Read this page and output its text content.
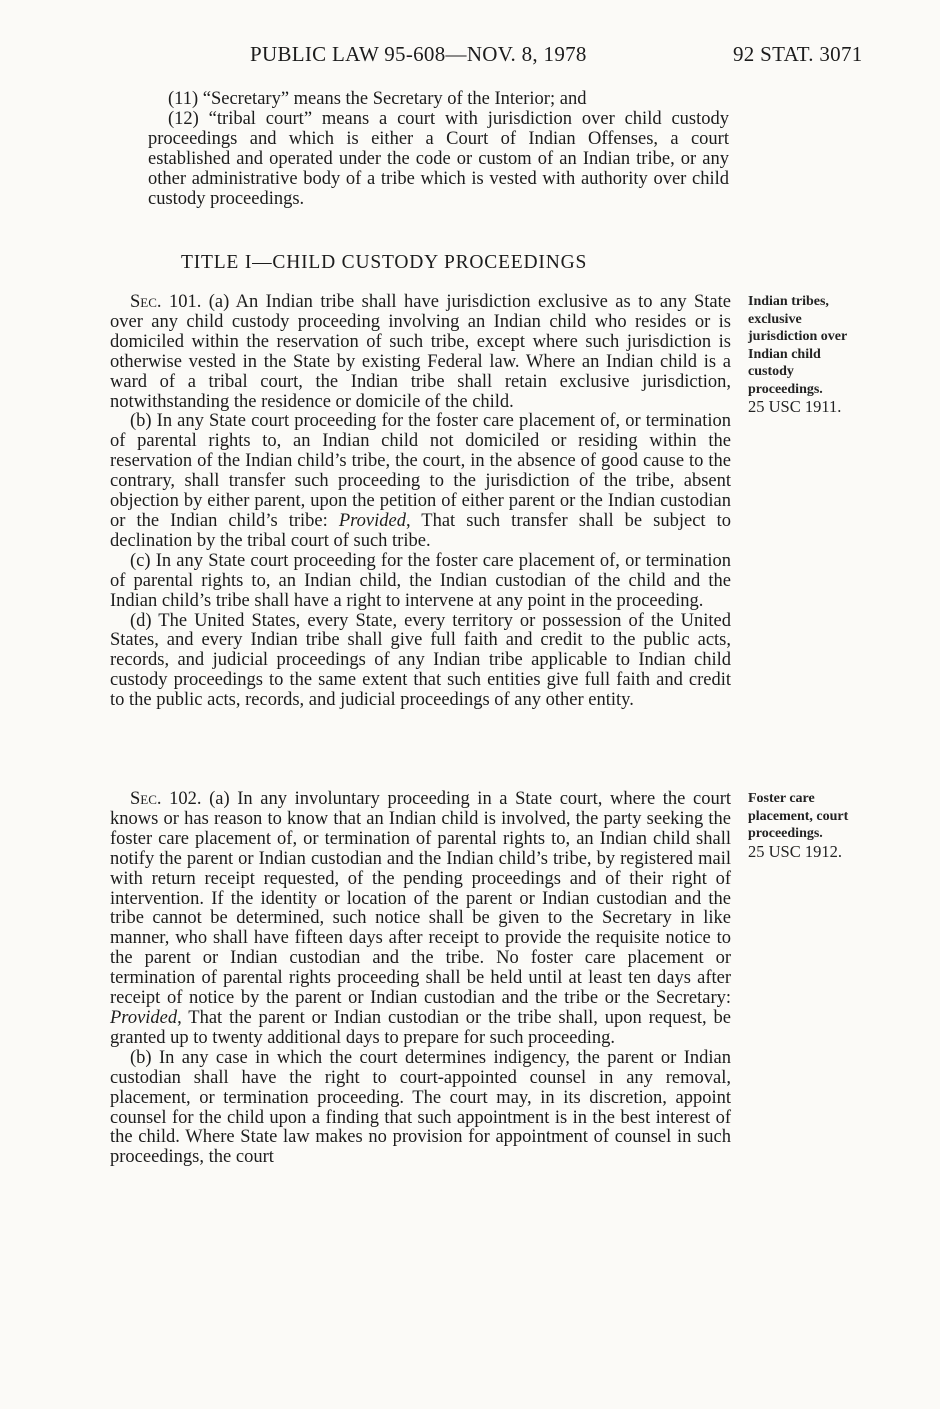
PUBLIC LAW 95-608—NOV. 8, 1978	92 STAT. 3071

(11) “Secretary” means the Secretary of the Interior; and

(12) “tribal court” means a court with jurisdiction over child custody proceedings and which is either a Court of Indian Offenses, a court established and operated under the code or custom of an Indian tribe, or any other administrative body of a tribe which is vested with authority over child custody proceedings.

TITLE I—CHILD CUSTODY PROCEEDINGS

Sec. 101. (a) An Indian tribe shall have jurisdiction exclusive as to any State over any child custody proceeding involving an Indian child who resides or is domiciled within the reservation of such tribe, except where such jurisdiction is otherwise vested in the State by existing Federal law. Where an Indian child is a ward of a tribal court, the Indian tribe shall retain exclusive jurisdiction, notwithstanding the residence or domicile of the child.

(b) In any State court proceeding for the foster care placement of, or termination of parental rights to, an Indian child not domiciled or residing within the reservation of the Indian child’s tribe, the court, in the absence of good cause to the contrary, shall transfer such proceeding to the jurisdiction of the tribe, absent objection by either parent, upon the petition of either parent or the Indian custodian or the Indian child’s tribe: Provided, That such transfer shall be subject to declination by the tribal court of such tribe.

(c) In any State court proceeding for the foster care placement of, or termination of parental rights to, an Indian child, the Indian custodian of the child and the Indian child’s tribe shall have a right to intervene at any point in the proceeding.

(d) The United States, every State, every territory or possession of the United States, and every Indian tribe shall give full faith and credit to the public acts, records, and judicial proceedings of any Indian tribe applicable to Indian child custody proceedings to the same extent that such entities give full faith and credit to the public acts, records, and judicial proceedings of any other entity.

Sec. 102. (a) In any involuntary proceeding in a State court, where the court knows or has reason to know that an Indian child is involved, the party seeking the foster care placement of, or termination of parental rights to, an Indian child shall notify the parent or Indian custodian and the Indian child’s tribe, by registered mail with return receipt requested, of the pending proceedings and of their right of intervention. If the identity or location of the parent or Indian custodian and the tribe cannot be determined, such notice shall be given to the Secretary in like manner, who shall have fifteen days after receipt to provide the requisite notice to the parent or Indian custodian and the tribe. No foster care placement or termination of parental rights proceeding shall be held until at least ten days after receipt of notice by the parent or Indian custodian and the tribe or the Secretary: Provided, That the parent or Indian custodian or the tribe shall, upon request, be granted up to twenty additional days to prepare for such proceeding.

(b) In any case in which the court determines indigency, the parent or Indian custodian shall have the right to court-appointed counsel in any removal, placement, or termination proceeding. The court may, in its discretion, appoint counsel for the child upon a finding that such appointment is in the best interest of the child. Where State law makes no provision for appointment of counsel in such proceedings, the court

Indian tribes,
exclusive
jurisdiction over
Indian child
custody
proceedings.
25 USC 1911.
Foster care
placement, court
proceedings.
25 USC 1912.
